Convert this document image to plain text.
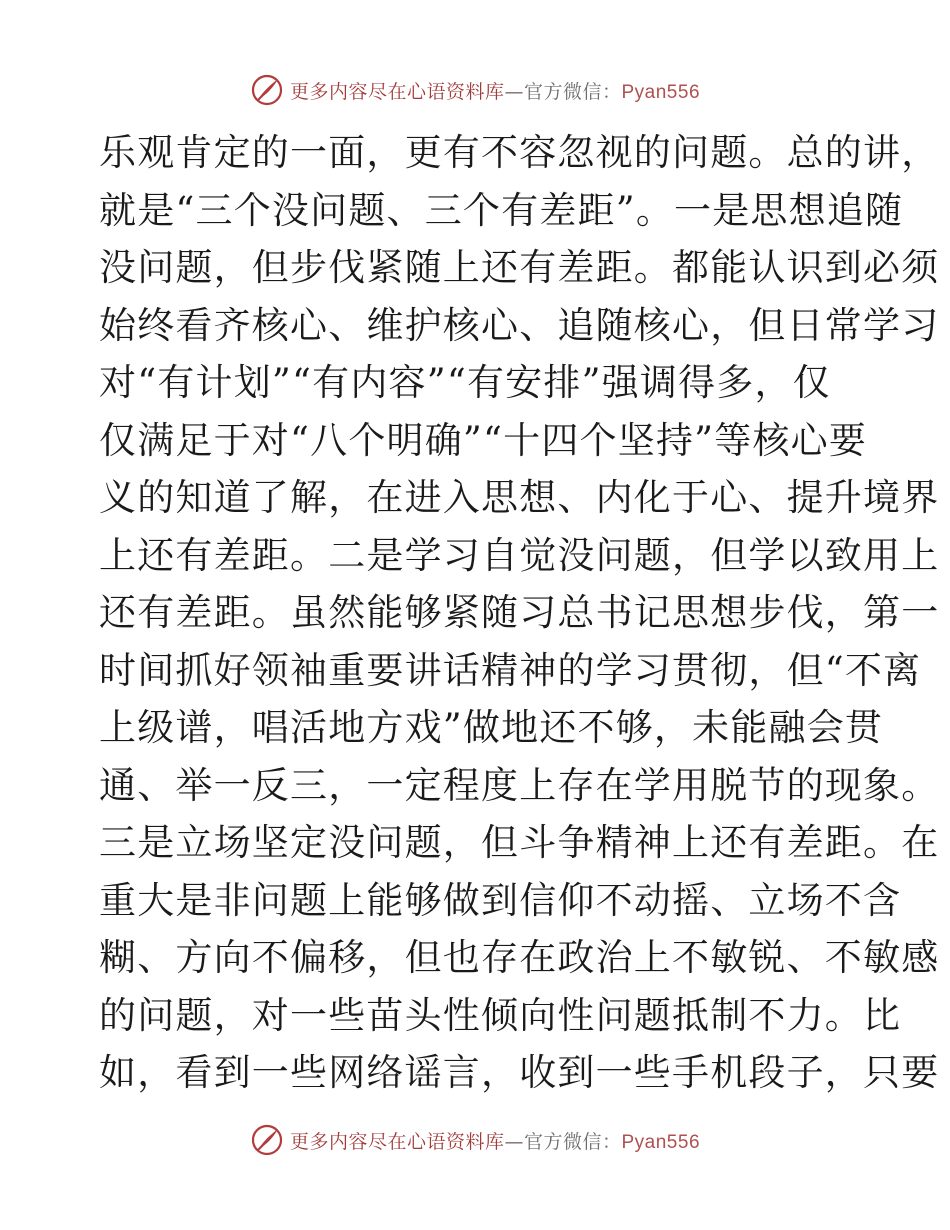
更多内容尽在心语资料库—官方微信：Pyan556
乐观肯定的一面，更有不容忽视的问题。总的讲，
就是“三个没问题、三个有差距”。一是思想追随
没问题，但步伐紧随上还有差距。都能认识到必须
始终看齐核心、维护核心、追随核心，但日常学习
对“有计划”“有内容”“有安排”强调得多，仅
仅满足于对“八个明确”“十四个坚持”等核心要
义的知道了解，在进入思想、内化于心、提升境界
上还有差距。二是学习自觉没问题，但学以致用上
还有差距。虽然能够紧随习总书记思想步伐，第一
时间抓好领袖重要讲话精神的学习贯彻，但“不离
上级谱，唱活地方戏”做地还不够，未能融会贯
通、举一反三，一定程度上存在学用脱节的现象。
三是立场坚定没问题，但斗争精神上还有差距。在
重大是非问题上能够做到信仰不动摇、立场不含
糊、方向不偏移，但也存在政治上不敏锐、不敏感
的问题，对一些苗头性倾向性问题抵制不力。比
如，看到一些网络谣言，收到一些手机段子，只要
更多内容尽在心语资料库—官方微信：Pyan556
